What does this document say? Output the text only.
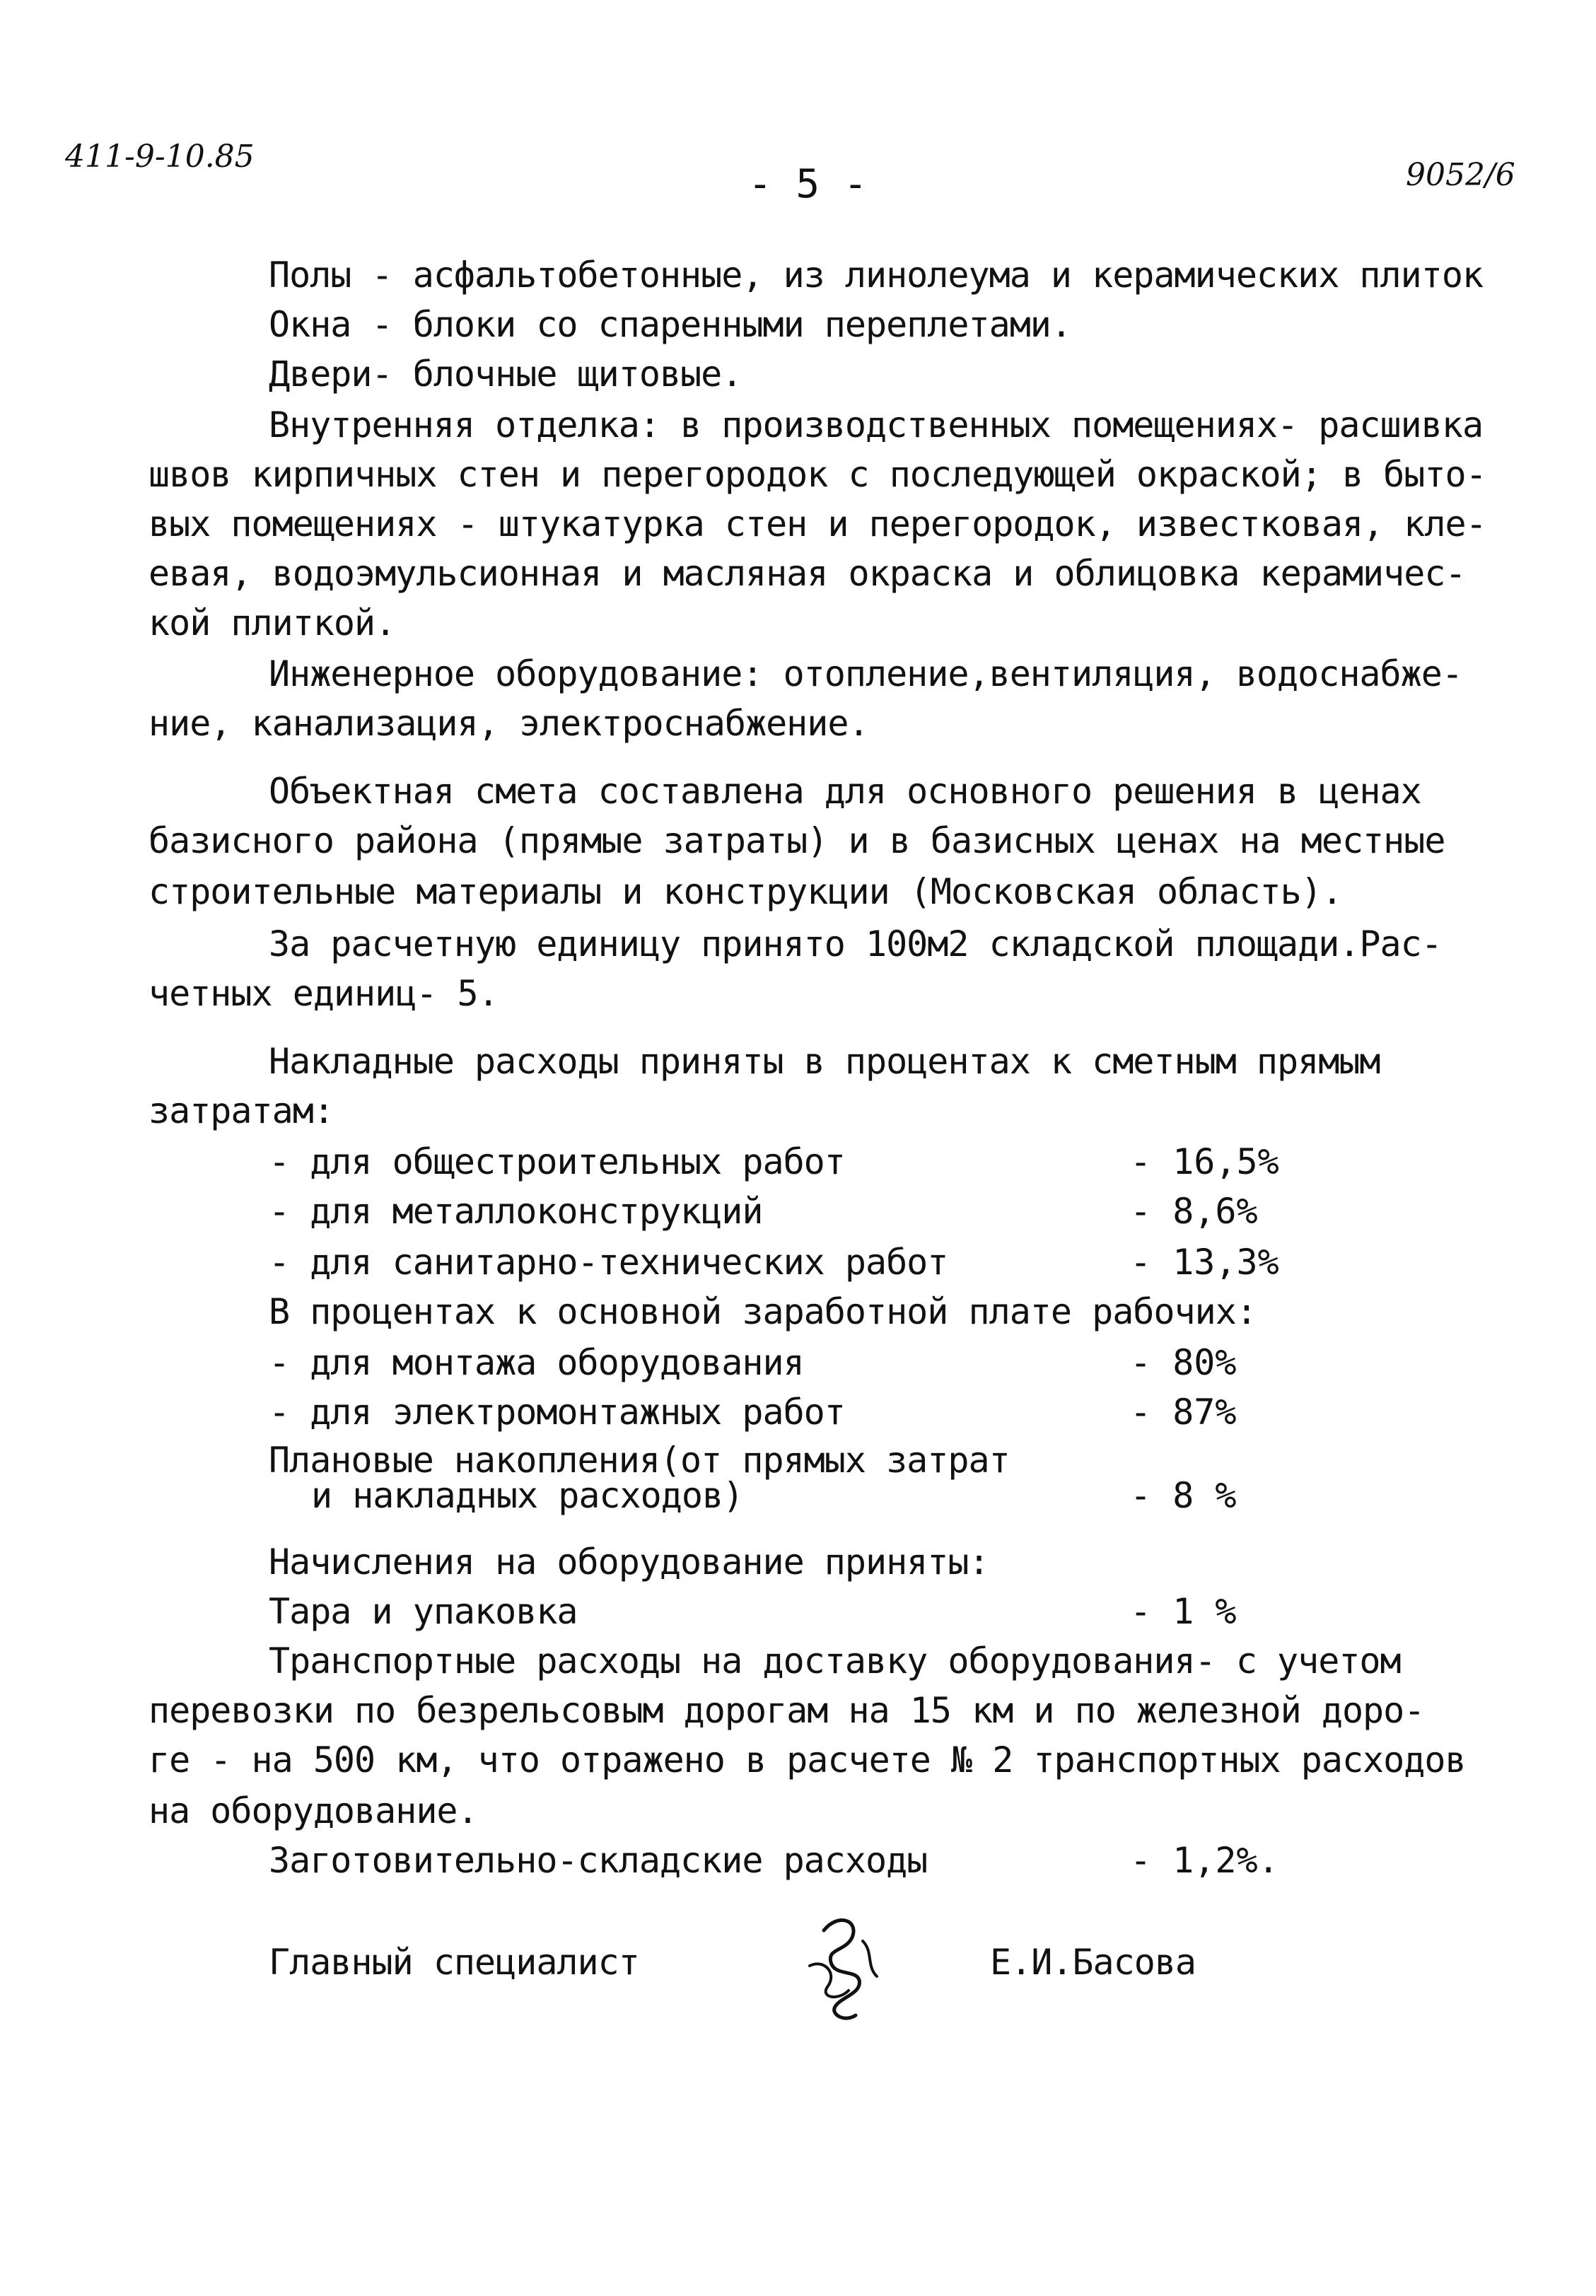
411-9-10.85
- 5 -	9052/6
Полы - асфальтобетонные, из линолеума и керамических плиток
Окна - блоки со спаренными переплетами.
Двери- блочные щитовые.
Внутренняя отделка: в производственных помещениях- расшивка
швов кирпичных стен и перегородок с последующей окраской; в быто-
вых помещениях - штукатурка стен и перегородок, известковая, кле-
евая, водоэмульсионная и масляная окраска и облицовка керамичес-
кой плиткой.
Инженерное оборудование: отопление,вентиляция, водоснабже-
ние, канализация, электроснабжение.
Объектная смета составлена для основного решения в ценах
базисного района (прямые затраты) и в базисных ценах на местные
строительные материалы и конструкции (Московская область).
За расчетную единицу принято 100м2 складской площади.Рас-
четных единиц- 5.
Накладные расходы приняты в процентах к сметным прямым
затратам:
- для общестроительных работ	- 16,5%
- для металлоконструкций	- 8,6%
- для санитарно-технических работ	- 13,3%
В процентах к основной заработной плате рабочих:
- для монтажа оборудования	- 80%
- для электромонтажных работ	- 87%
Плановые накопления(от прямых затрат
и накладных расходов)	- 8 %
Начисления на оборудование приняты:
Тара и упаковка	- 1 %
Транспортные расходы на доставку оборудования- с учетом
перевозки по безрельсовым дорогам на 15 км и по железной доро-
ге - на 500 км, что отражено в расчете № 2 транспортных расходов
на оборудование.
Заготовительно-складские расходы	- 1,2%.
Главный специалист	Е.И.Басова
